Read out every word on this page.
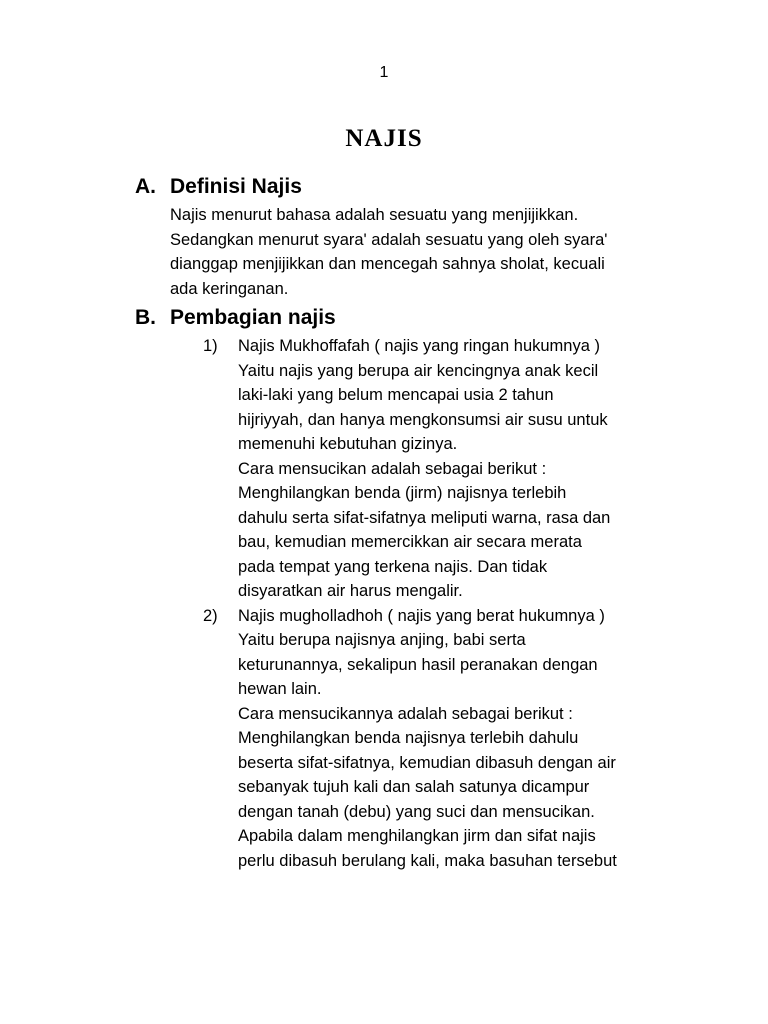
1
NAJIS
A. Definisi Najis
Najis menurut bahasa adalah sesuatu yang menjijikkan.
Sedangkan menurut syara' adalah sesuatu yang oleh syara'
dianggap menjijikkan dan mencegah sahnya sholat, kecuali
ada keringanan.
B. Pembagian najis
1)	Najis Mukhoffafah ( najis yang ringan hukumnya )
Yaitu najis yang berupa air kencingnya anak kecil
laki-laki yang belum mencapai usia 2 tahun
hijriyyah, dan hanya mengkonsumsi air susu untuk
memenuhi kebutuhan gizinya.
Cara mensucikan adalah sebagai berikut :
Menghilangkan benda (jirm) najisnya terlebih
dahulu serta sifat-sifatnya meliputi warna, rasa dan
bau, kemudian memercikkan air secara merata
pada tempat yang terkena najis. Dan tidak
disyaratkan air harus mengalir.
2)	Najis mugholladhoh ( najis yang berat hukumnya )
Yaitu berupa najisnya anjing, babi serta
keturunannya, sekalipun hasil peranakan dengan
hewan lain.
Cara mensucikannya adalah sebagai berikut :
Menghilangkan benda najisnya terlebih dahulu
beserta sifat-sifatnya, kemudian dibasuh dengan air
sebanyak tujuh kali dan salah satunya dicampur
dengan tanah (debu) yang suci dan mensucikan.
Apabila dalam menghilangkan jirm dan sifat najis
perlu dibasuh berulang kali, maka basuhan tersebut
